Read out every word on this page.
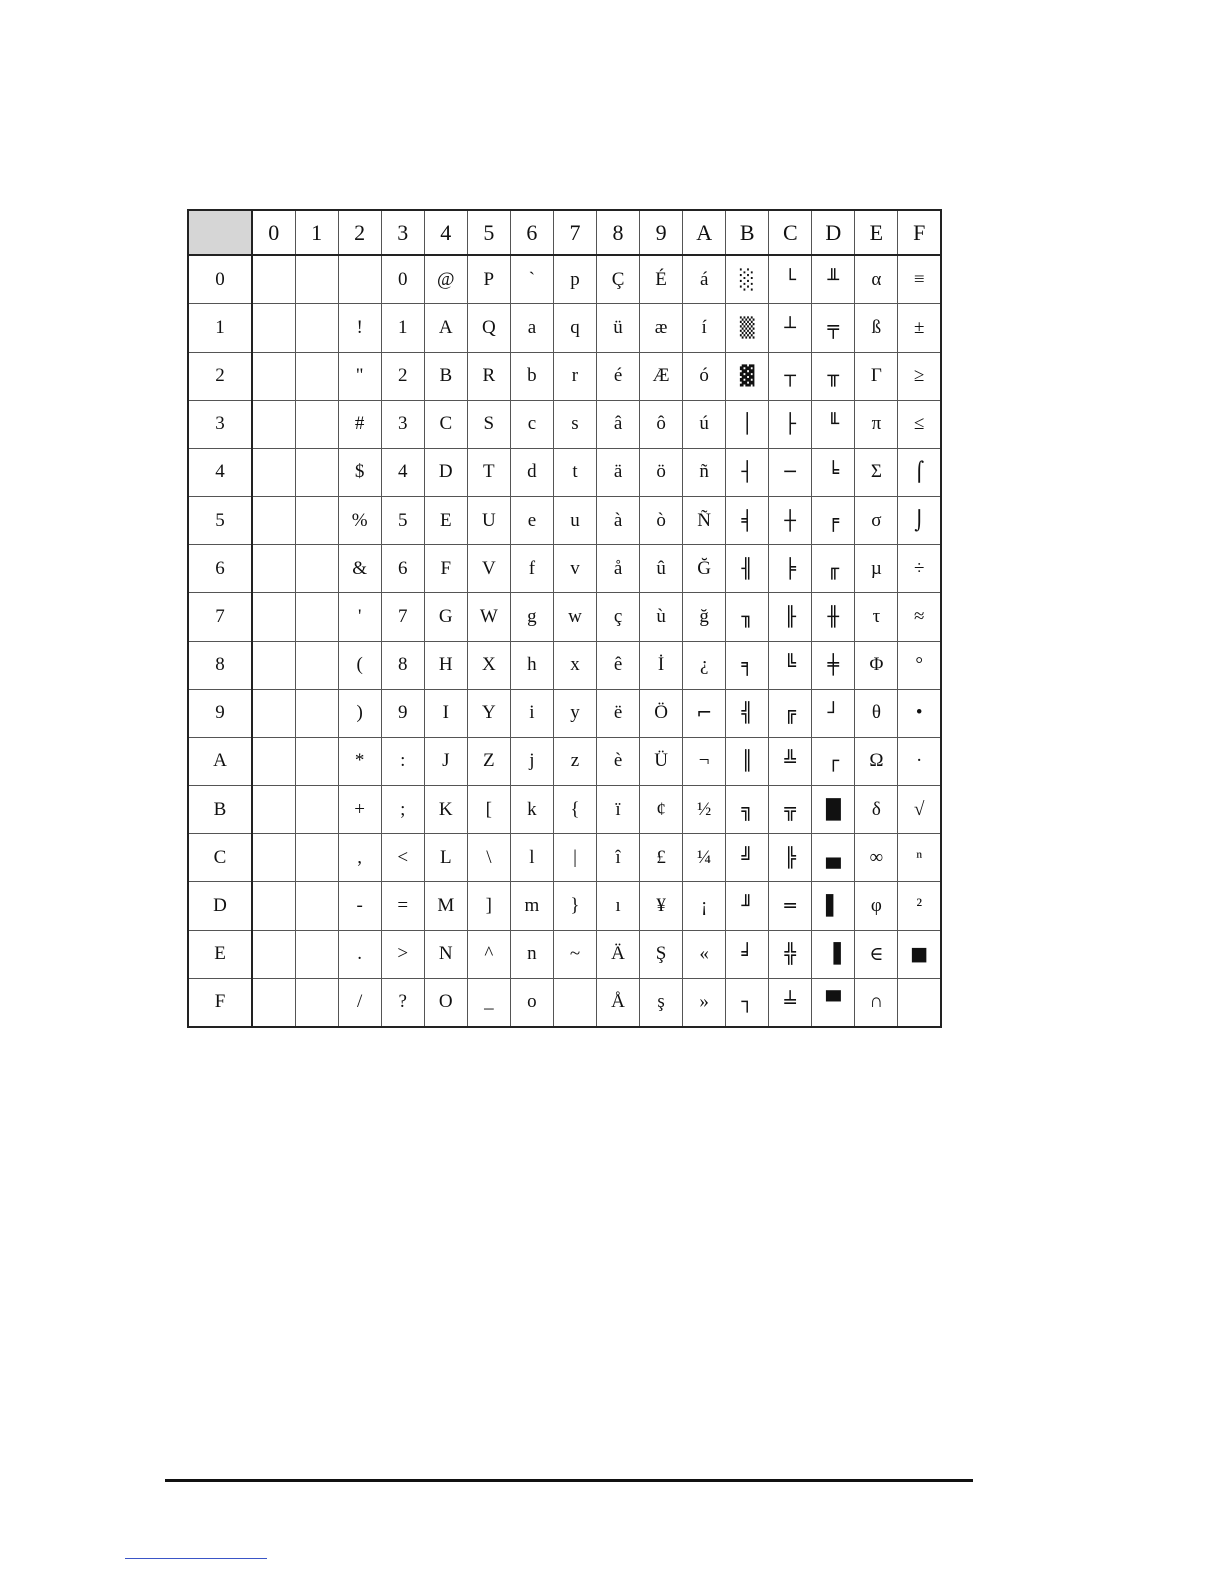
	0	1	2	3	4	5	6	7	8	9	A	B	C	D	E	F
0				0	@	P	`	p	Ç	É	á	░	└	╨	α	≡
1			!	1	A	Q	a	q	ü	æ	í	▒	┴	╤	ß	±
2			"	2	B	R	b	r	é	Æ	ó	▓	┬	╥	Γ	≥
3			#	3	C	S	c	s	â	ô	ú	│	├	╙	π	≤
4			$	4	D	T	d	t	ä	ö	ñ	┤	─	╘	Σ	⌠
5			%	5	E	U	e	u	à	ò	Ñ	╡	┼	╒	σ	⌡
6			&	6	F	V	f	v	å	û	Ğ	╢	╞	╓	µ	÷
7			'	7	G	W	g	w	ç	ù	ğ	╖	╟	╫	τ	≈
8			(	8	H	X	h	x	ê	İ	¿	╕	╚	╪	Φ	°
9			)	9	I	Y	i	y	ë	Ö	⌐	╣	╔	┘	θ	•
A			*	:	J	Z	j	z	è	Ü	¬	║	╩	┌	Ω	·
B			+	;	K	[	k	{	ï	¢	½	╗	╦	█	δ	√
C			,	<	L	\	l	|	î	£	¼	╝	╠	▄	∞	ⁿ
D			-	=	M	]	m	}	ı	¥	¡	╜	═	▌	φ	²
E			.	>	N	^	n	~	Ä	Ş	«	╛	╬	▐	∈	■
F			/	?	O	_	o		Å	ş	»	┐	╧	▀	∩	
